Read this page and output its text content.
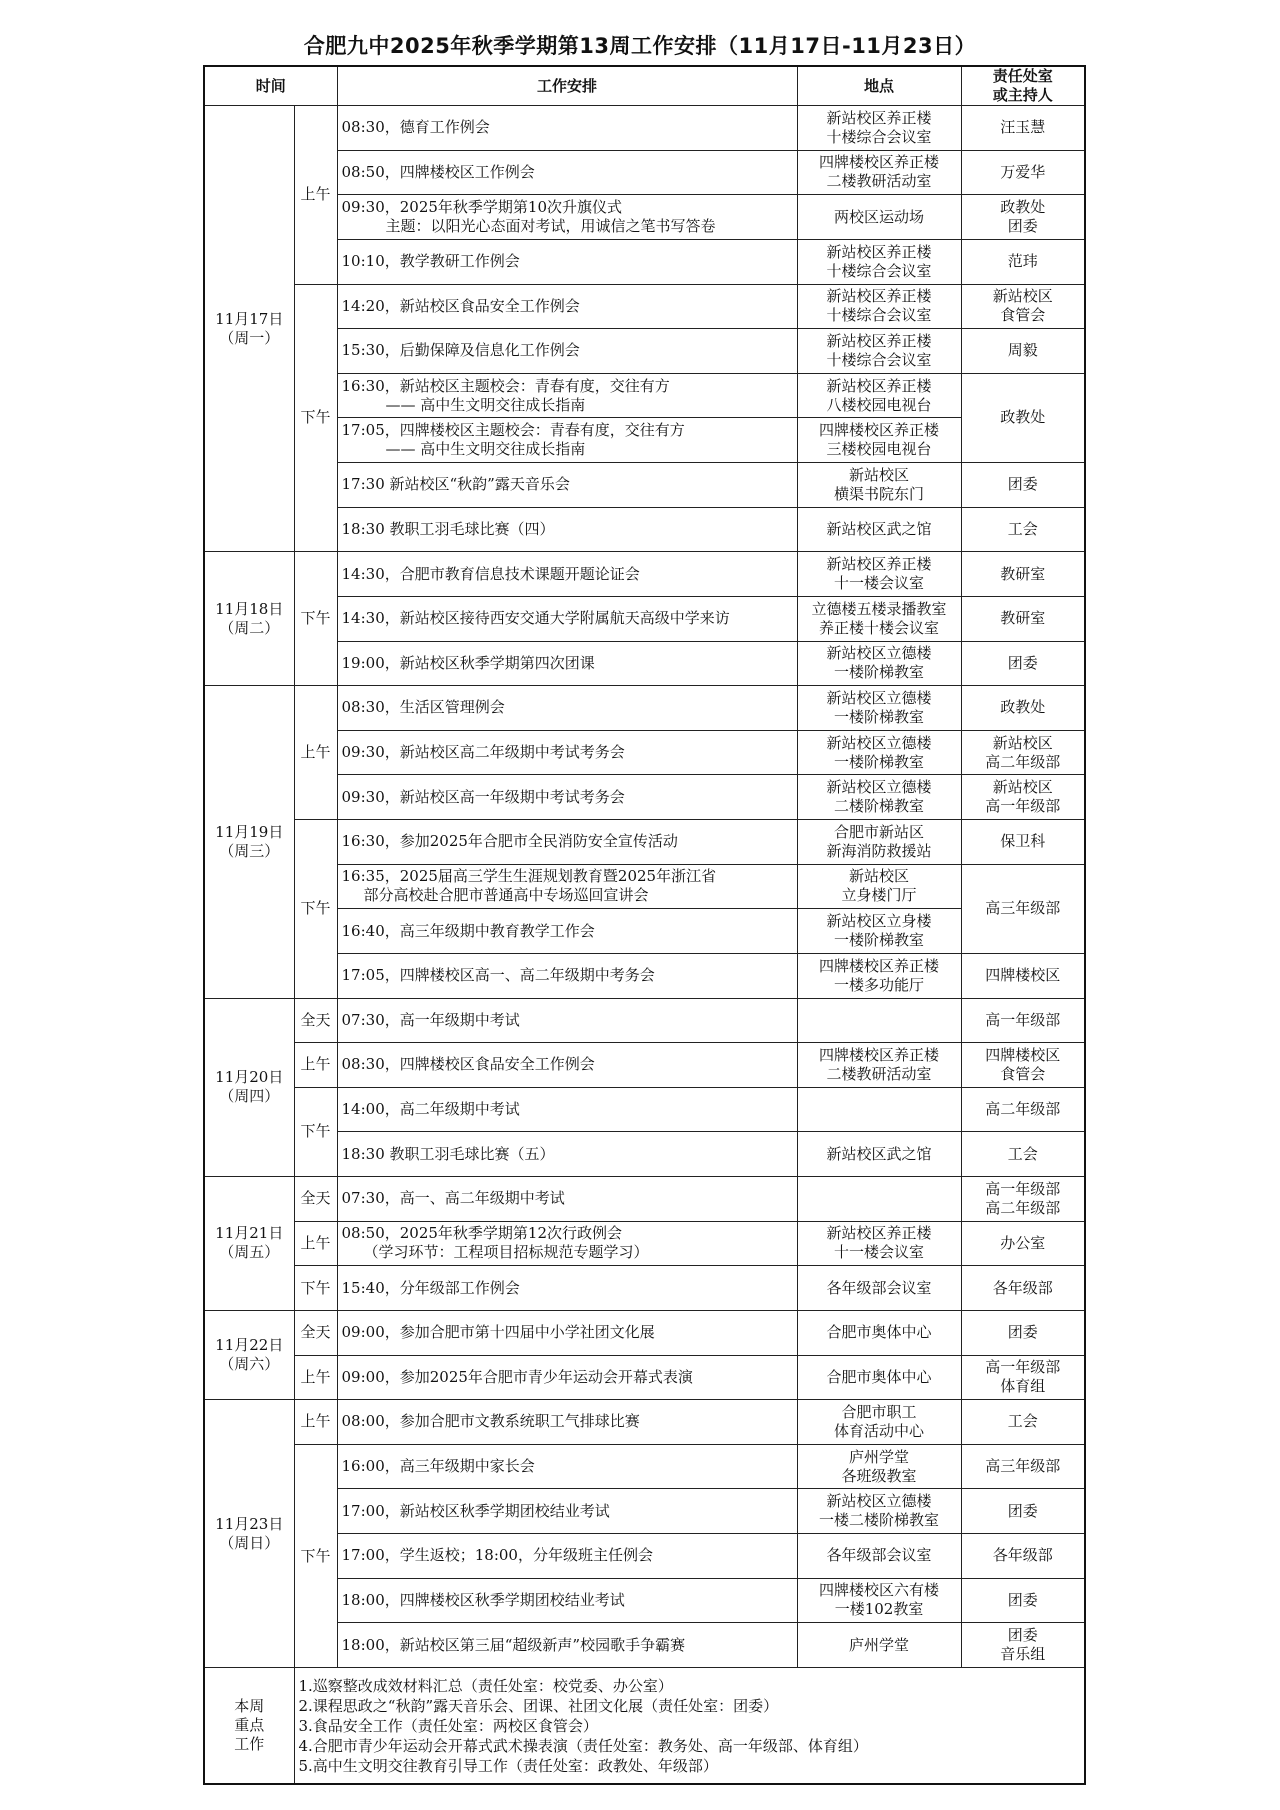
合肥九中2025年秋季学期第13周工作安排（11月17日-11月23日）
时间		工作安排	地点	责任处室
或主持人

11月17日
（周一）	上午	08:30，德育工作例会	新站校区养正楼
十楼综合会议室	汪玉慧

		08:50，四牌楼校区工作例会	四牌楼校区养正楼
二楼教研活动室	万爱华

		09:30，2025年秋季学期第10次升旗仪式
主题：以阳光心态面对考试，用诚信之笔书写答卷	两校区运动场	政教处
团委

		10:10，教学教研工作例会	新站校区养正楼
十楼综合会议室	范玮

	下午	14:20，新站校区食品安全工作例会	新站校区养正楼
十楼综合会议室	新站校区
食管会

		15:30，后勤保障及信息化工作例会	新站校区养正楼
十楼综合会议室	周毅

		16:30，新站校区主题校会：青春有度，交往有方
—— 高中生文明交往成长指南	新站校区养正楼
八楼校园电视台	政教处

		17:05，四牌楼校区主题校会：青春有度，交往有方
—— 高中生文明交往成长指南	四牌楼校区养正楼
三楼校园电视台	

		17:30 新站校区“秋韵”露天音乐会	新站校区
横渠书院东门	团委

		18:30 教职工羽毛球比赛（四）	新站校区武之馆	工会

11月18日
（周二）	下午	14:30，合肥市教育信息技术课题开题论证会	新站校区养正楼
十一楼会议室	教研室

		14:30，新站校区接待西安交通大学附属航天高级中学来访	立德楼五楼录播教室
养正楼十楼会议室	教研室

		19:00，新站校区秋季学期第四次团课	新站校区立德楼
一楼阶梯教室	团委

11月19日
（周三）	上午	08:30，生活区管理例会	新站校区立德楼
一楼阶梯教室	政教处

		09:30，新站校区高二年级期中考试考务会	新站校区立德楼
一楼阶梯教室	新站校区
高二年级部

		09:30，新站校区高一年级期中考试考务会	新站校区立德楼
二楼阶梯教室	新站校区
高一年级部

	下午	16:30，参加2025年合肥市全民消防安全宣传活动	合肥市新站区
新海消防救援站	保卫科

		16:35，2025届高三学生生涯规划教育暨2025年浙江省
部分高校赴合肥市普通高中专场巡回宣讲会	新站校区
立身楼门厅	高三年级部

		16:40，高三年级期中教育教学工作会	新站校区立身楼
一楼阶梯教室	

		17:05，四牌楼校区高一、高二年级期中考务会	四牌楼校区养正楼
一楼多功能厅	四牌楼校区

11月20日
（周四）	全天	07:30，高一年级期中考试		高一年级部

	上午	08:30，四牌楼校区食品安全工作例会	四牌楼校区养正楼
二楼教研活动室	四牌楼校区
食管会

	下午	14:00，高二年级期中考试		高二年级部

		18:30 教职工羽毛球比赛（五）	新站校区武之馆	工会

11月21日
（周五）	全天	07:30，高一、高二年级期中考试		高一年级部
高二年级部

	上午	08:50，2025年秋季学期第12次行政例会
（学习环节：工程项目招标规范专题学习）	新站校区养正楼
十一楼会议室	办公室

	下午	15:40，分年级部工作例会	各年级部会议室	各年级部

11月22日
（周六）	全天	09:00，参加合肥市第十四届中小学社团文化展	合肥市奥体中心	团委

	上午	09:00，参加2025年合肥市青少年运动会开幕式表演	合肥市奥体中心	高一年级部
体育组

11月23日
（周日）	上午	08:00，参加合肥市文教系统职工气排球比赛	合肥市职工
体育活动中心	工会

	下午	16:00，高三年级期中家长会	庐州学堂
各班级教室	高三年级部

		17:00，新站校区秋季学期团校结业考试	新站校区立德楼
一楼二楼阶梯教室	团委

		17:00，学生返校；18:00，分年级班主任例会	各年级部会议室	各年级部

		18:00，四牌楼校区秋季学期团校结业考试	四牌楼校区六有楼
一楼102教室	团委

		18:00，新站校区第三届“超级新声”校园歌手争霸赛	庐州学堂	团委
音乐组

本周
重点
工作	1.巡察整改成效材料汇总（责任处室：校党委、办公室）
2.课程思政之“秋韵”露天音乐会、团课、社团文化展（责任处室：团委）
3.食品安全工作（责任处室：两校区食管会）
4.合肥市青少年运动会开幕式武术操表演（责任处室：教务处、高一年级部、体育组）
5.高中生文明交往教育引导工作（责任处室：政教处、年级部）			
